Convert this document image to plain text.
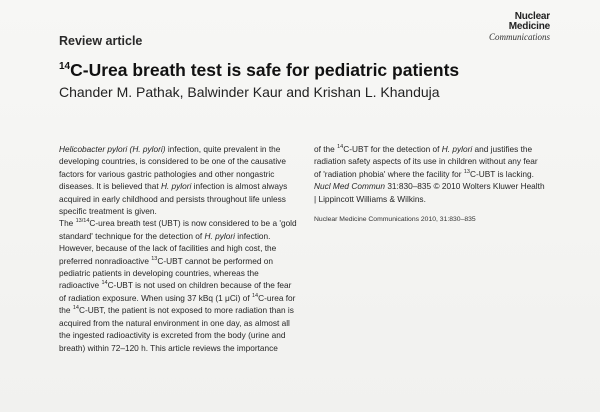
Review article
Nuclear
Medicine
Communications
$^{14}$C-Urea breath test is safe for pediatric patients
Chander M. Pathak, Balwinder Kaur and Krishan L. Khanduja

Helicobacter pylori (H. pylori) infection, quite prevalent in the developing countries, is considered to be one of the causative factors for various gastric pathologies and other nongastric diseases. It is believed that H. pylori infection is almost always acquired in early childhood and persists throughout life unless specific treatment is given.

The $^{13/14}$C-urea breath test (UBT) is now considered to be a 'gold standard' technique for the detection of H. pylori infection. However, because of the lack of facilities and high cost, the preferred nonradioactive $^{13}$C-UBT cannot be performed on pediatric patients in developing countries, whereas the radioactive $^{14}$C-UBT is not used on children because of the fear of radiation exposure. When using 37 kBq (1 μCi) of $^{14}$C-urea for the $^{14}$C-UBT, the patient is not exposed to more radiation than is acquired from the natural environment in one day, as almost all the ingested radioactivity is excreted from the body (urine and breath) within 72–120 h. This article reviews the importance

of the $^{14}$C-UBT for the detection of H. pylori and justifies the radiation safety aspects of its use in children without any fear of 'radiation phobia' where the facility for $^{13}$C-UBT is lacking. Nucl Med Commun 31:830–835 © 2010 Wolters Kluwer Health | Lippincott Williams & Wilkins.

Nuclear Medicine Communications 2010, 31:830–835
